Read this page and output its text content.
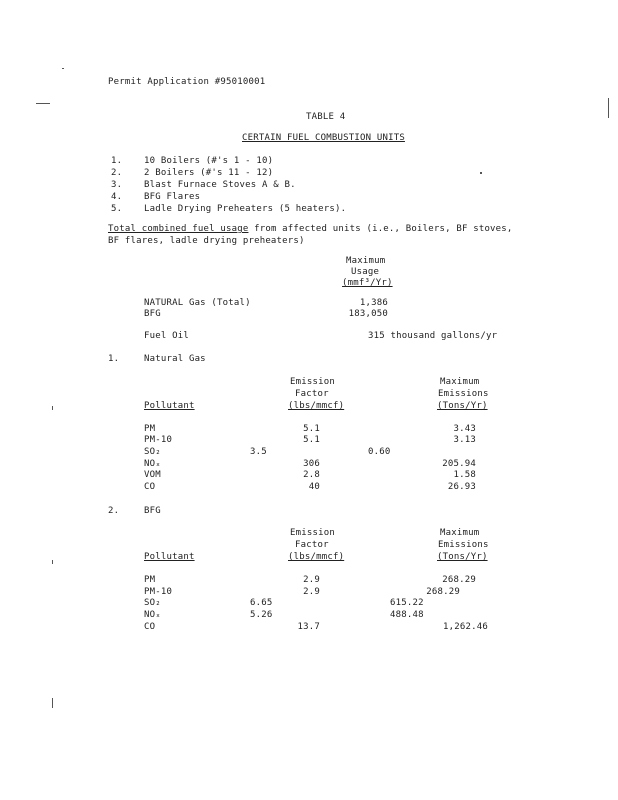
Permit Application #95010001
TABLE 4
CERTAIN FUEL COMBUSTION UNITS
1. 10 Boilers (#'s 1 - 10)
2. 2 Boilers (#'s 11 - 12)
3. Blast Furnace Stoves A & B.
4. BFG Flares
5. Ladle Drying Preheaters (5 heaters).
Total combined fuel usage from affected units (i.e., Boilers, BF stoves,
BF flares, ladle drying preheaters)
Maximum
Usage
(mmf³/Yr)
NATURAL Gas (Total)	1,386
BFG	183,050
Fuel Oil	315 thousand gallons/yr
1.	Natural Gas
Emission
Factor
(lbs/mmcf)
Maximum
Emissions
(Tons/Yr)
Pollutant
PM	5.1	3.43
PM-10	5.1	3.13
SO₂	3.5	0.60
NOₓ	306	205.94
VOM	2.8	1.58
CO	40	26.93
2.	BFG
Emission
Factor
(lbs/mmcf)
Maximum
Emissions
(Tons/Yr)
Pollutant
PM	2.9	268.29
PM-10	2.9	268.29
SO₂	6.65	615.22
NOₓ	5.26	488.48
CO	13.7	1,262.46
